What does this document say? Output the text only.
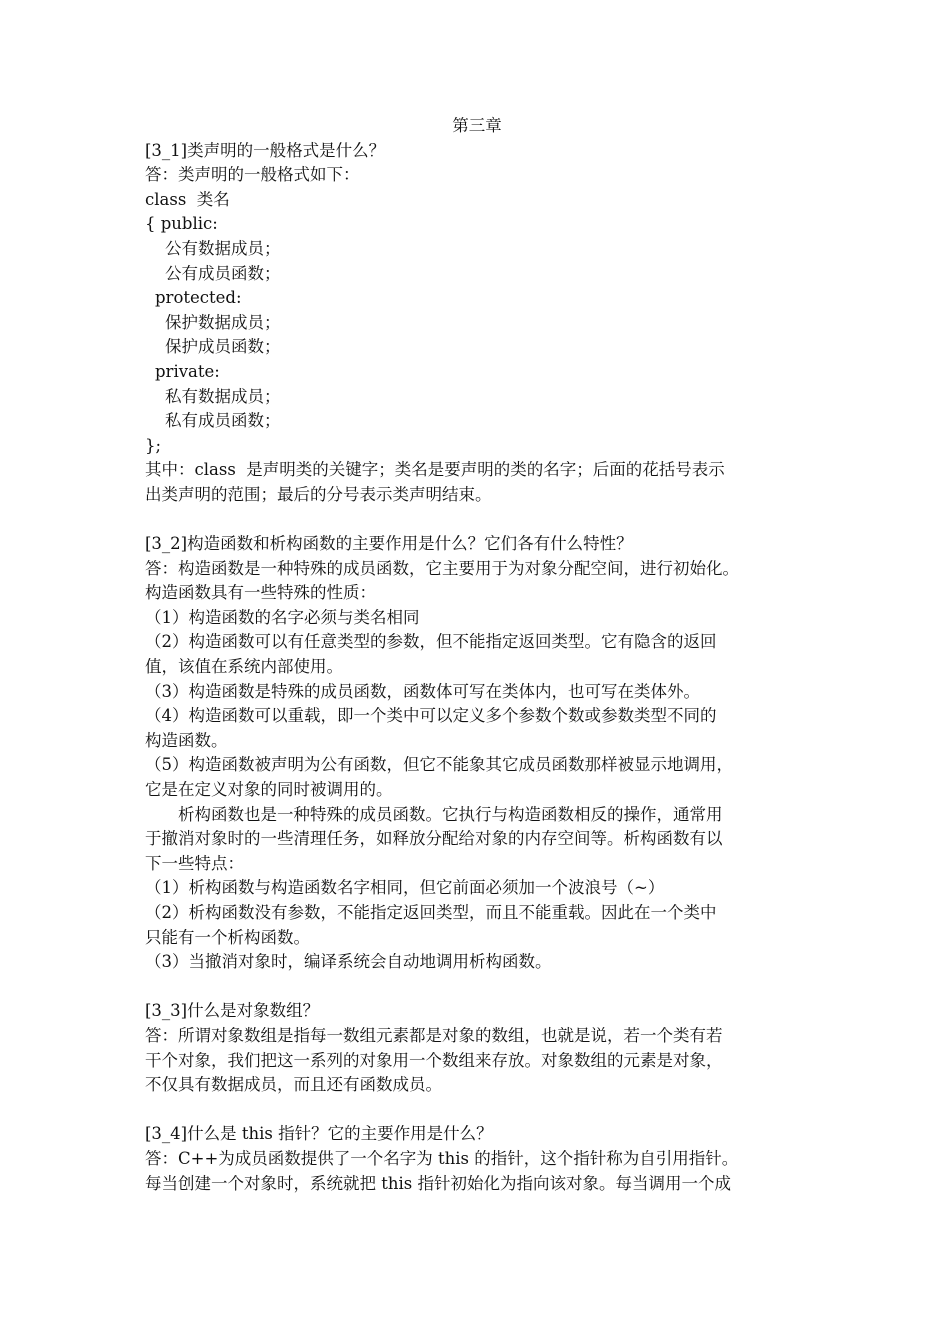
第三章
[3_1]类声明的一般格式是什么？
答：类声明的一般格式如下：
class  类名
{ public:
公有数据成员；
公有成员函数；
protected:
保护数据成员；
保护成员函数；
private:
私有数据成员；
私有成员函数；
};
其中：class  是声明类的关键字；类名是要声明的类的名字；后面的花括号表示
出类声明的范围；最后的分号表示类声明结束。
[3_2]构造函数和析构函数的主要作用是什么？它们各有什么特性？
答：构造函数是一种特殊的成员函数，它主要用于为对象分配空间，进行初始化。
构造函数具有一些特殊的性质：
（1）构造函数的名字必须与类名相同
（2）构造函数可以有任意类型的参数，但不能指定返回类型。它有隐含的返回
值，该值在系统内部使用。
（3）构造函数是特殊的成员函数，函数体可写在类体内，也可写在类体外。
（4）构造函数可以重载，即一个类中可以定义多个参数个数或参数类型不同的
构造函数。
（5）构造函数被声明为公有函数，但它不能象其它成员函数那样被显示地调用，
它是在定义对象的同时被调用的。
　　析构函数也是一种特殊的成员函数。它执行与构造函数相反的操作，通常用
于撤消对象时的一些清理任务，如释放分配给对象的内存空间等。析构函数有以
下一些特点：
（1）析构函数与构造函数名字相同，但它前面必须加一个波浪号（~）
（2）析构函数没有参数，不能指定返回类型，而且不能重载。因此在一个类中
只能有一个析构函数。
（3）当撤消对象时，编译系统会自动地调用析构函数。
[3_3]什么是对象数组？
答：所谓对象数组是指每一数组元素都是对象的数组，也就是说，若一个类有若
干个对象，我们把这一系列的对象用一个数组来存放。对象数组的元素是对象，
不仅具有数据成员，而且还有函数成员。
[3_4]什么是 this 指针？它的主要作用是什么？
答：C++为成员函数提供了一个名字为 this 的指针，这个指针称为自引用指针。
每当创建一个对象时，系统就把 this 指针初始化为指向该对象。每当调用一个成
